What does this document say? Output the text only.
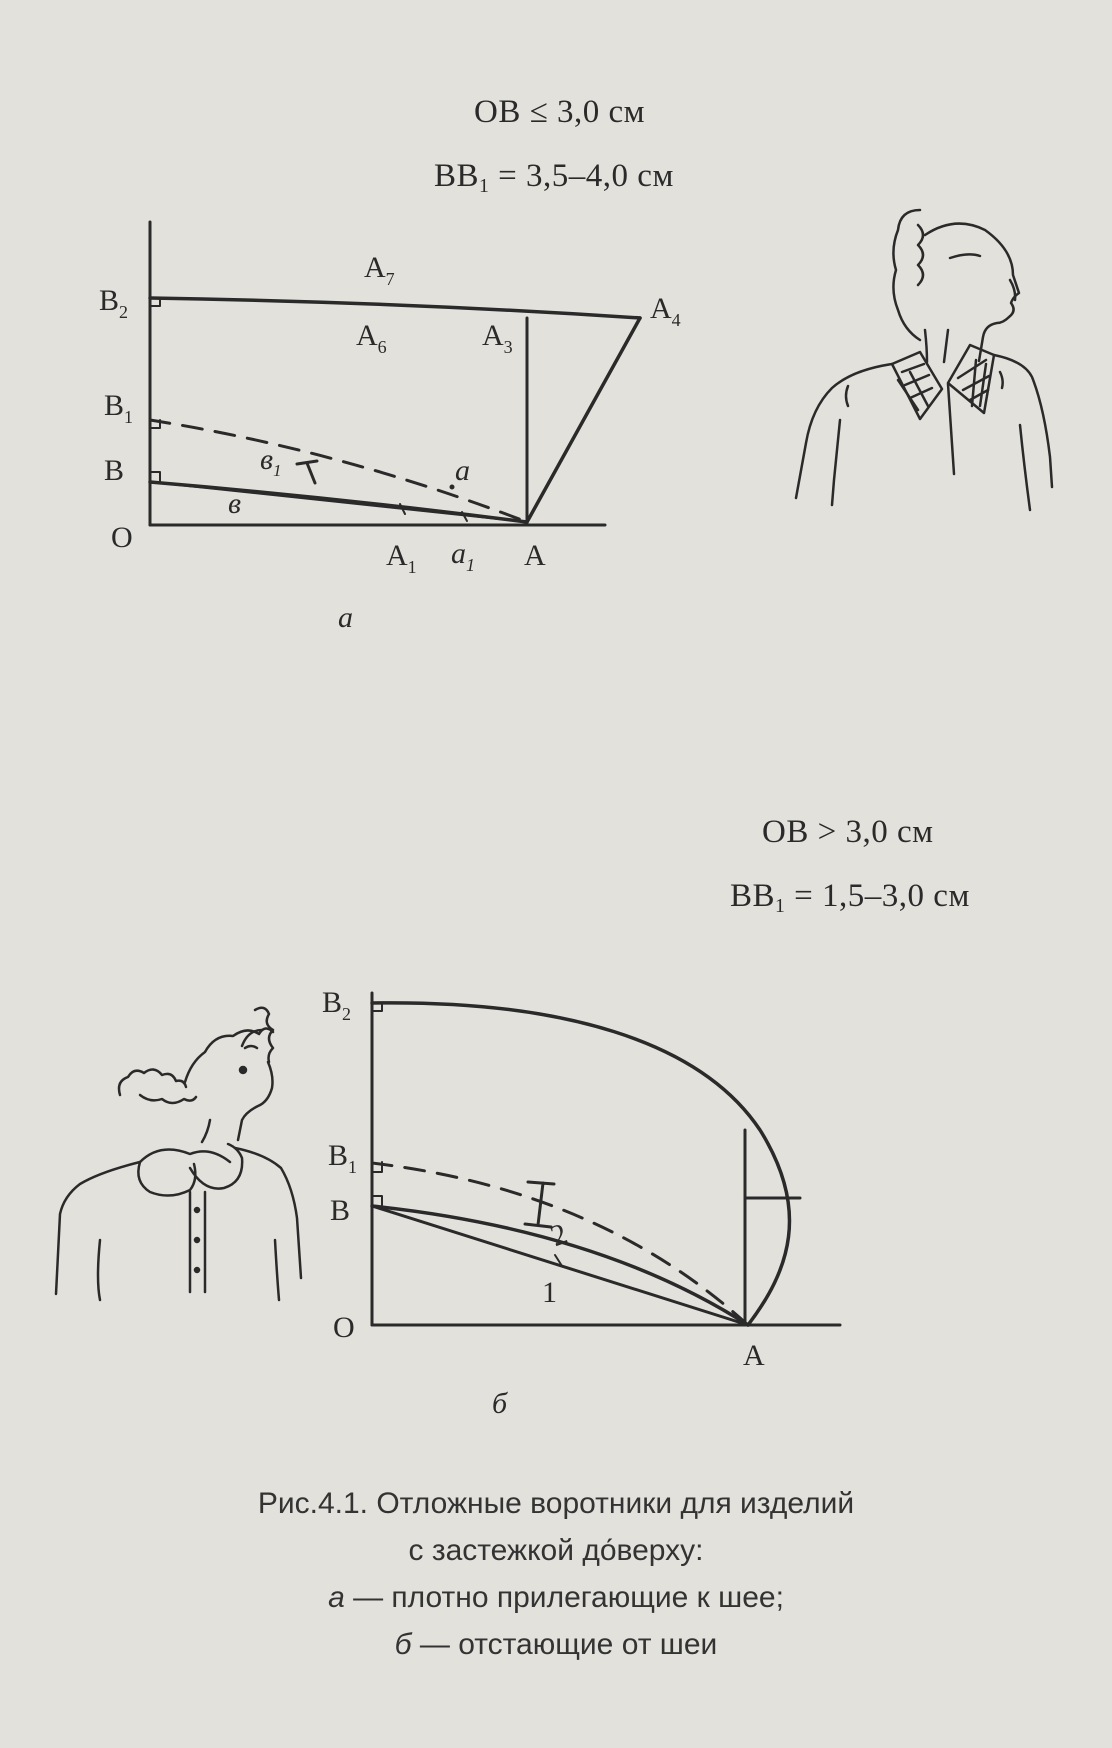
ОВ ≤ 3,0 см
$ВВ_1 = 3,5-4,0$ см
ОВ > 3,0 см
$ВВ_1 = 1,5-3,0$ см
$В_2$
$В_1$
В
О
$А_1$ $а_1$ А
$А_3$
$А_4$
$А_6$
$А_7$
в
$в_1$	а
а
$В_2$
$В_1$
В
О
А
1
2
б
Рис.4.1. Отложные воротники для изделий
с застежкой до́верху:
а — плотно прилегающие к шее;
б — отстающие от шеи
